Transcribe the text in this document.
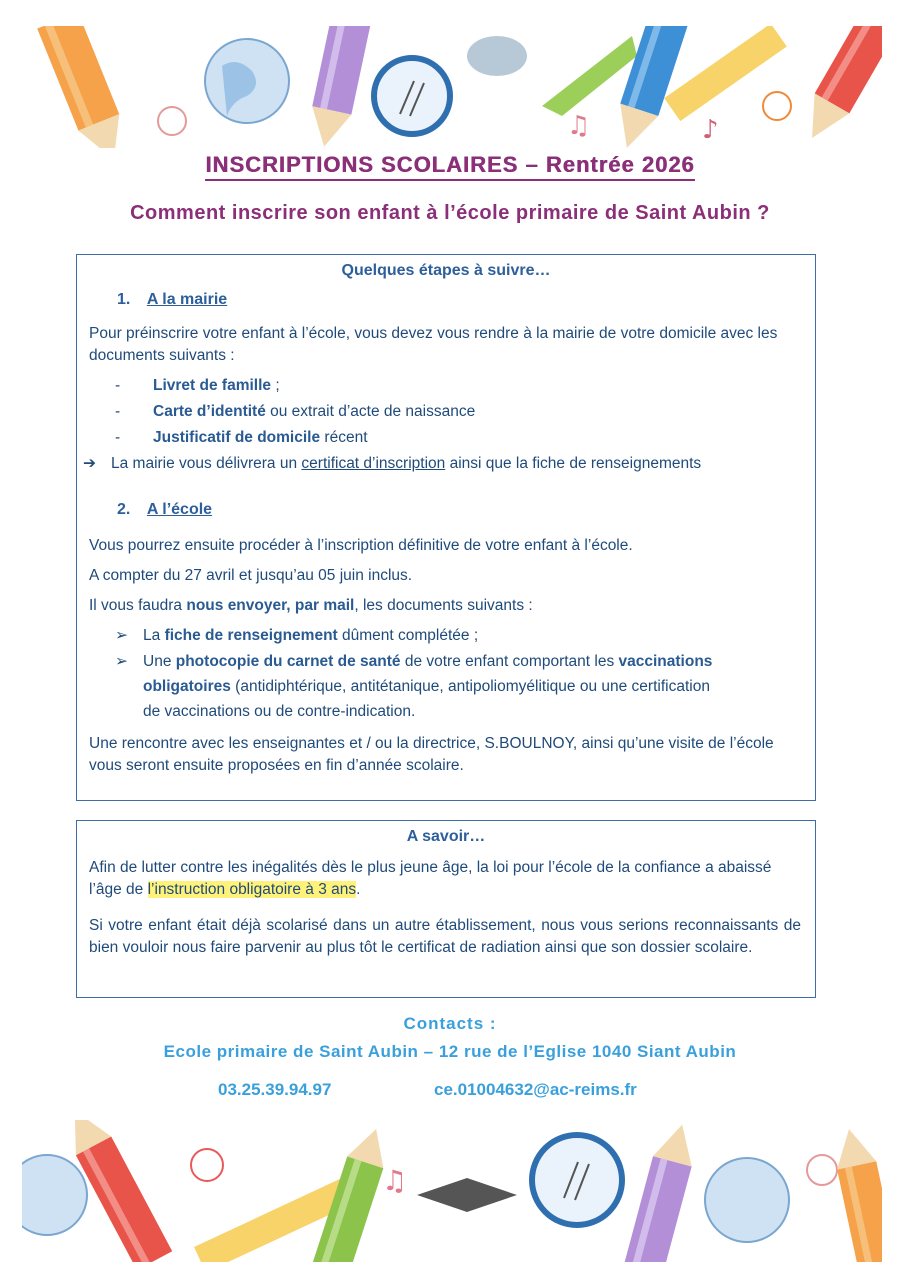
♫	♪
INSCRIPTIONS SCOLAIRES – Rentrée 2026
Comment inscrire son enfant à l’école primaire de Saint Aubin ?
Quelques étapes à suivre…
1. A la mairie
Pour préinscrire votre enfant à l’école, vous devez vous rendre à la mairie de votre domicile avec les documents suivants :
-	Livret de famille ;
-	Carte d’identité ou extrait d’acte de naissance
-	Justificatif de domicile récent
➔ La mairie vous délivrera un certificat d’inscription ainsi que la fiche de renseignements
2. A l’école
Vous pourrez ensuite procéder à l’inscription définitive de votre enfant à l’école.
A compter du 27 avril et jusqu’au 05 juin inclus.
Il vous faudra nous envoyer, par mail, les documents suivants :
➢ La fiche de renseignement dûment complétée ;
➢ Une photocopie du carnet de santé de votre enfant comportant les vaccinations
obligatoires (antidiphtérique, antitétanique, antipoliomyélitique ou une certification
de vaccinations ou de contre-indication.
Une rencontre avec les enseignantes et / ou la directrice, S.BOULNOY, ainsi qu’une visite de l’école vous seront ensuite proposées en fin d’année scolaire.
A savoir…
Afin de lutter contre les inégalités dès le plus jeune âge, la loi pour l’école de la confiance a abaissé l’âge de l’instruction obligatoire à 3 ans.
Si votre enfant était déjà scolarisé dans un autre établissement, nous vous serions reconnaissants de bien vouloir nous faire parvenir au plus tôt le certificat de radiation ainsi que son dossier scolaire.
Contacts :
Ecole primaire de Saint Aubin – 12 rue de l’Eglise 1040 Siant Aubin
03.25.39.94.97	ce.01004632@ac-reims.fr
♫
